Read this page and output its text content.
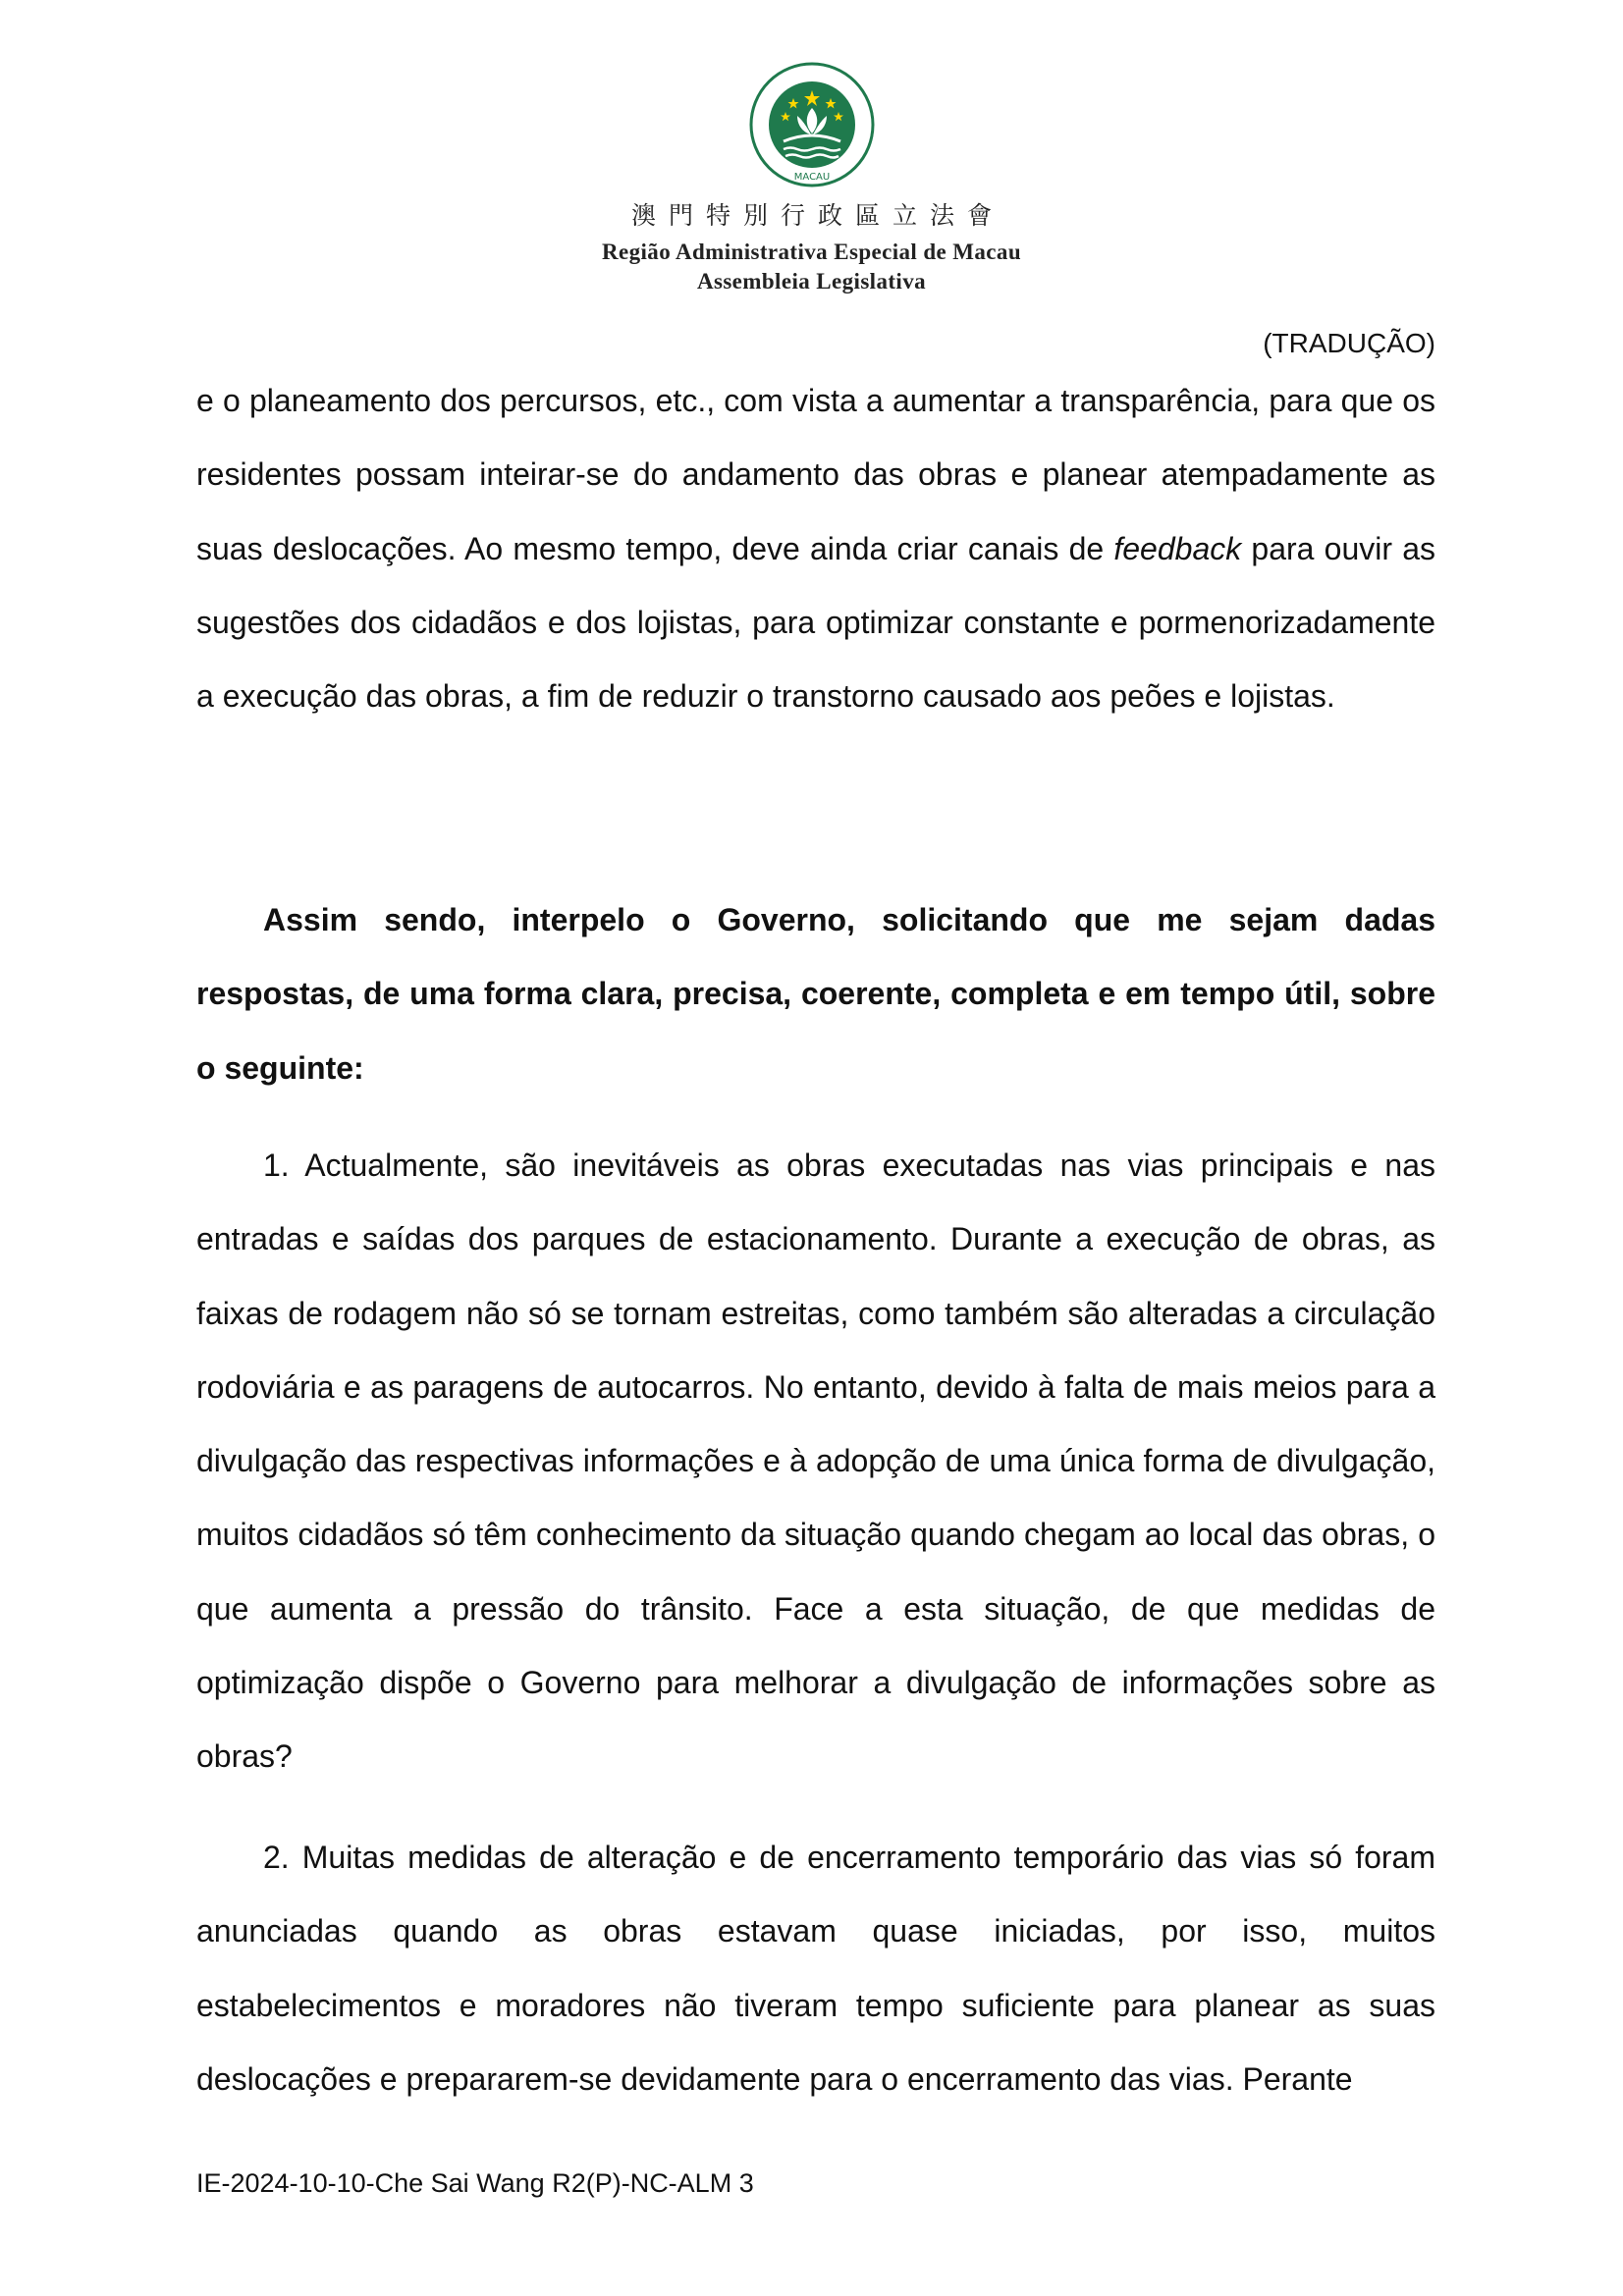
MACAU
澳門特別行政區立法會
Região Administrativa Especial de Macau
Assembleia Legislativa
(TRADUÇÃO)
e o planeamento dos percursos, etc., com vista a aumentar a transparência, para que os residentes possam inteirar-se do andamento das obras e planear atempadamente as suas deslocações. Ao mesmo tempo, deve ainda criar canais de feedback para ouvir as sugestões dos cidadãos e dos lojistas, para optimizar constante e pormenorizadamente a execução das obras, a fim de reduzir o transtorno causado aos peões e lojistas.
Assim sendo, interpelo o Governo, solicitando que me sejam dadas respostas, de uma forma clara, precisa, coerente, completa e em tempo útil, sobre o seguinte:
1. Actualmente, são inevitáveis as obras executadas nas vias principais e nas entradas e saídas dos parques de estacionamento. Durante a execução de obras, as faixas de rodagem não só se tornam estreitas, como também são alteradas a circulação rodoviária e as paragens de autocarros. No entanto, devido à falta de mais meios para a divulgação das respectivas informações e à adopção de uma única forma de divulgação, muitos cidadãos só têm conhecimento da situação quando chegam ao local das obras, o que aumenta a pressão do trânsito. Face a esta situação, de que medidas de optimização dispõe o Governo para melhorar a divulgação de informações sobre as obras?
2. Muitas medidas de alteração e de encerramento temporário das vias só foram anunciadas quando as obras estavam quase iniciadas, por isso, muitos estabelecimentos e moradores não tiveram tempo suficiente para planear as suas deslocações e prepararem-se devidamente para o encerramento das vias. Perante
IE-2024-10-10-Che Sai Wang R2(P)-NC-ALM 3
